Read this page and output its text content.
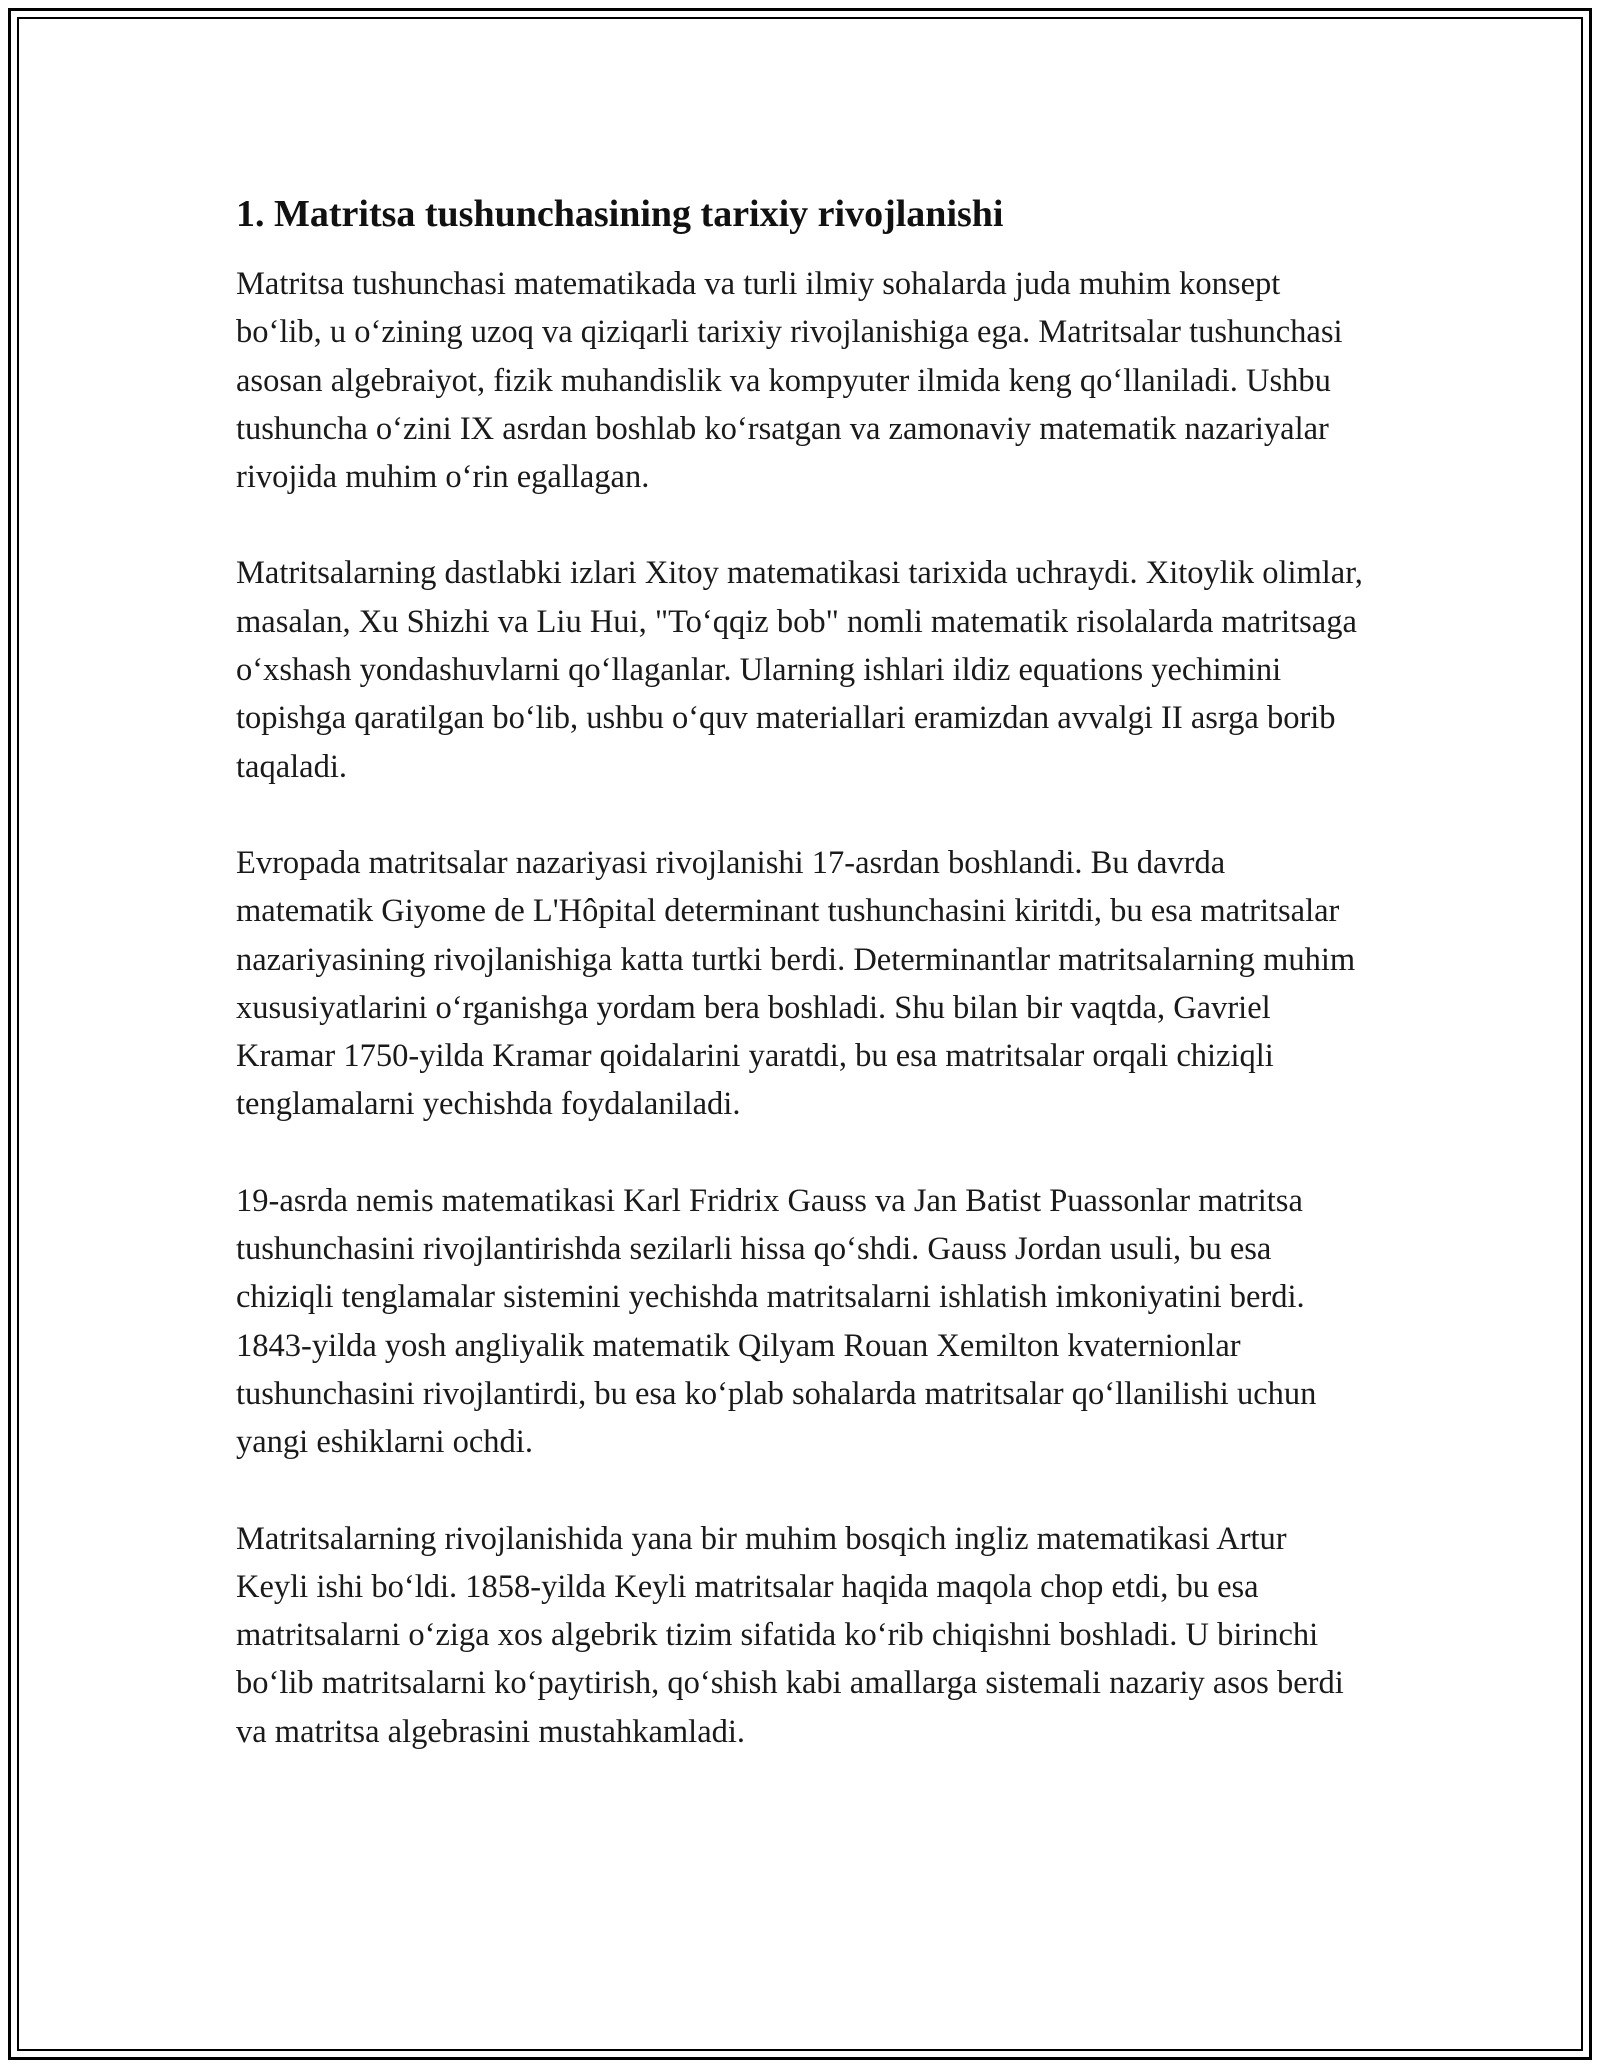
1. Matritsa tushunchasining tarixiy rivojlanishi

Matritsa tushunchasi matematikada va turli ilmiy sohalarda juda muhim konsept bo‘lib, u o‘zining uzoq va qiziqarli tarixiy rivojlanishiga ega. Matritsalar tushunchasi asosan algebraiyot, fizik muhandislik va kompyuter ilmida keng qo‘llaniladi. Ushbu tushuncha o‘zini IX asrdan boshlab ko‘rsatgan va zamonaviy matematik nazariyalar rivojida muhim o‘rin egallagan.

Matritsalarning dastlabki izlari Xitoy matematikasi tarixida uchraydi. Xitoylik olimlar, masalan, Xu Shizhi va Liu Hui, "To‘qqiz bob" nomli matematik risolalarda matritsaga o‘xshash yondashuvlarni qo‘llaganlar. Ularning ishlari ildiz equations yechimini topishga qaratilgan bo‘lib, ushbu o‘quv materiallari eramizdan avvalgi II asrga borib taqaladi.

Evropada matritsalar nazariyasi rivojlanishi 17-asrdan boshlandi. Bu davrda matematik Giyome de L'Hôpital determinant tushunchasini kiritdi, bu esa matritsalar nazariyasining rivojlanishiga katta turtki berdi. Determinantlar matritsalarning muhim xususiyatlarini o‘rganishga yordam bera boshladi. Shu bilan bir vaqtda, Gavriel Kramar 1750-yilda Kramar qoidalarini yaratdi, bu esa matritsalar orqali chiziqli tenglamalarni yechishda foydalaniladi.

19-asrda nemis matematikasi Karl Fridrix Gauss va Jan Batist Puassonlar matritsa tushunchasini rivojlantirishda sezilarli hissa qo‘shdi. Gauss Jordan usuli, bu esa chiziqli tenglamalar sistemini yechishda matritsalarni ishlatish imkoniyatini berdi. 1843-yilda yosh angliyalik matematik Qilyam Rouan Xemilton kvaternionlar tushunchasini rivojlantirdi, bu esa ko‘plab sohalarda matritsalar qo‘llanilishi uchun yangi eshiklarni ochdi.

Matritsalarning rivojlanishida yana bir muhim bosqich ingliz matematikasi Artur Keyli ishi bo‘ldi. 1858-yilda Keyli matritsalar haqida maqola chop etdi, bu esa matritsalarni o‘ziga xos algebrik tizim sifatida ko‘rib chiqishni boshladi. U birinchi bo‘lib matritsalarni ko‘paytirish, qo‘shish kabi amallarga sistemali nazariy asos berdi va matritsa algebrasini mustahkamladi.
